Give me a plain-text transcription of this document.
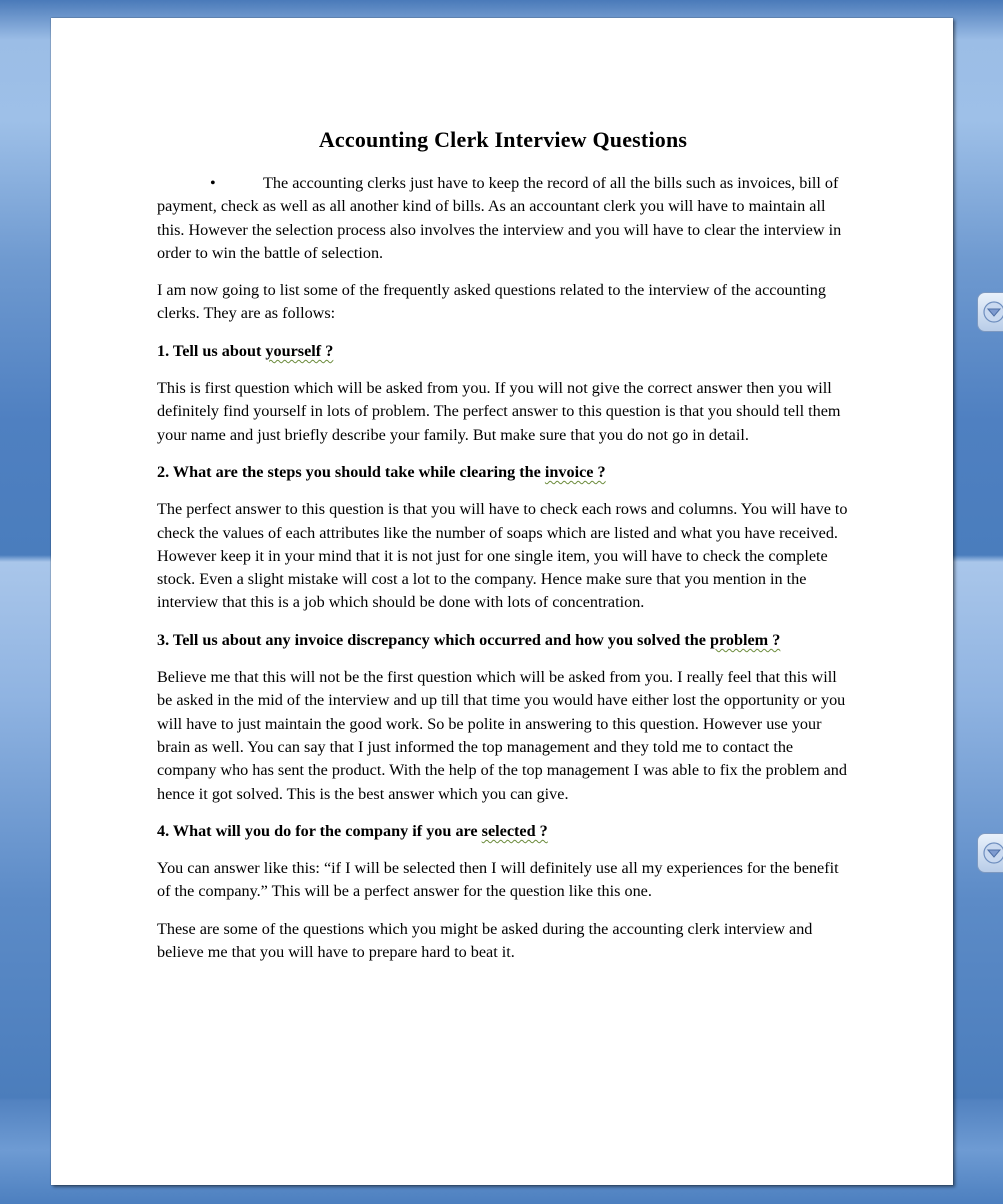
Accounting Clerk Interview Questions

•	The accounting clerks just have to keep the record of all the bills such as invoices, bill of payment, check as well as all another kind of bills. As an accountant clerk you will have to maintain all this. However the selection process also involves the interview and you will have to clear the interview in order to win the battle of selection.

I am now going to list some of the frequently asked questions related to the interview of the accounting clerks. They are as follows:

1. Tell us about yourself ?

This is first question which will be asked from you. If you will not give the correct answer then you will definitely find yourself in lots of problem. The perfect answer to this question is that you should tell them your name and just briefly describe your family. But make sure that you do not go in detail.

2. What are the steps you should take while clearing the invoice ?

The perfect answer to this question is that you will have to check each rows and columns. You will have to check the values of each attributes like the number of soaps which are listed and what you have received. However keep it in your mind that it is not just for one single item, you will have to check the complete stock. Even a slight mistake will cost a lot to the company. Hence make sure that you mention in the interview that this is a job which should be done with lots of concentration.

3. Tell us about any invoice discrepancy which occurred and how you solved the problem ?

Believe me that this will not be the first question which will be asked from you. I really feel that this will be asked in the mid of the interview and up till that time you would have either lost the opportunity or you will have to just maintain the good work. So be polite in answering to this question. However use your brain as well. You can say that I just informed the top management and they told me to contact the company who has sent the product. With the help of the top management I was able to fix the problem and hence it got solved. This is the best answer which you can give.

4. What will you do for the company if you are selected ?

You can answer like this: “if I will be selected then I will definitely use all my experiences for the benefit of the company.” This will be a perfect answer for the question like this one.

These are some of the questions which you might be asked during the accounting clerk interview and believe me that you will have to prepare hard to beat it.
